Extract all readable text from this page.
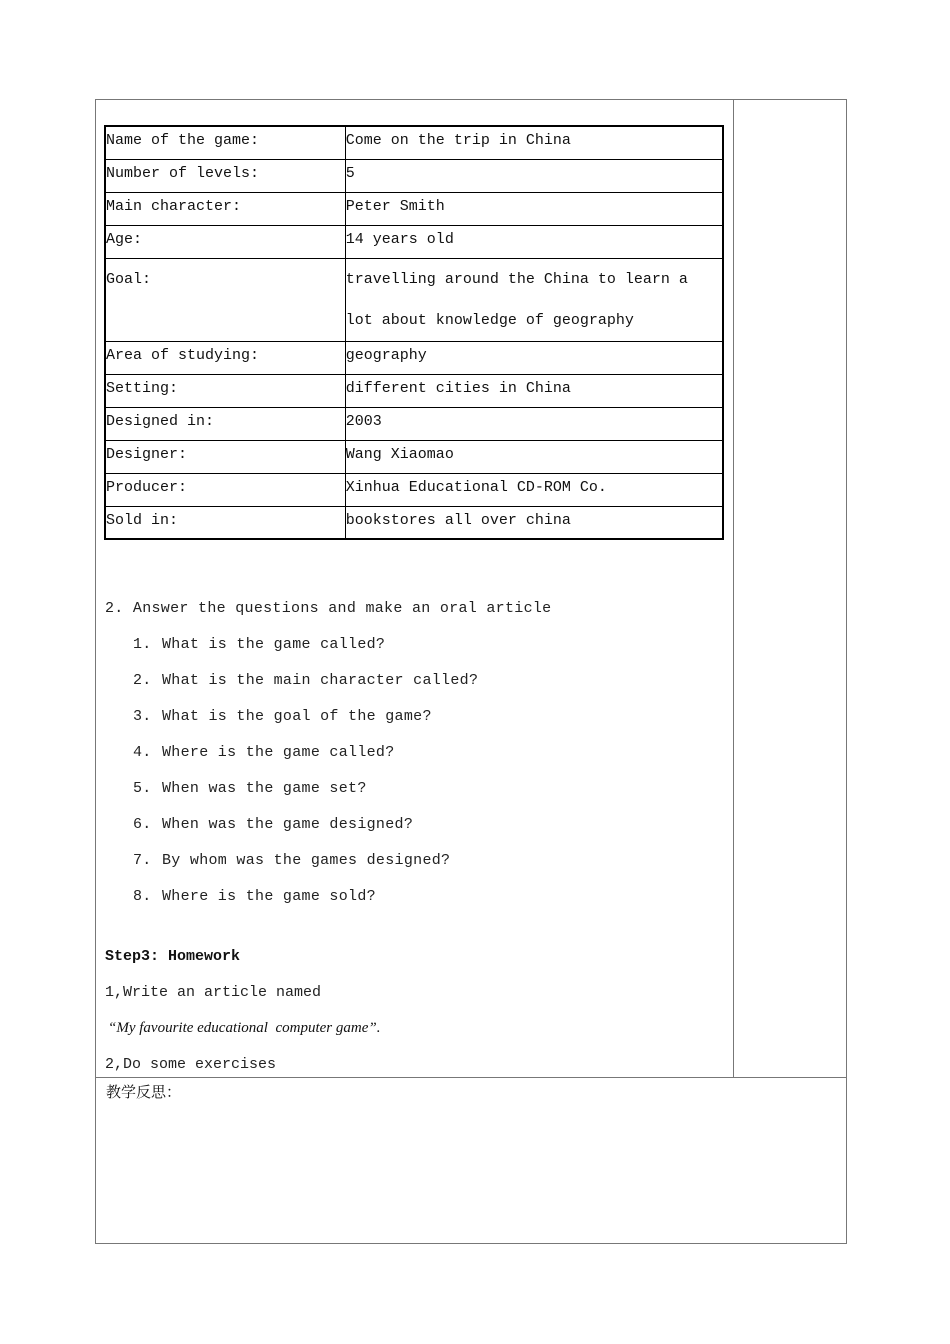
Name of the game:	Come on the trip in China
Number of levels:	5
Main character:	Peter Smith
Age:	14 years old
Goal:	travelling around the China to learn a lot about knowledge of geography
Area of studying:	geography
Setting:	different cities in China
Designed in:	2003
Designer:	Wang Xiaomao
Producer:	Xinhua Educational CD-ROM Co.
Sold in:	bookstores all over china
2. Answer the questions and make an oral article
1. What is the game called?
2. What is the main character called?
3. What is the goal of the game?
4. Where is the game called?
5. When was the game set?
6. When was the game designed?
7. By whom was the games designed?
8. Where is the game sold?
Step3: Homework
1,Write an article named
“My favourite educational  computer game”.
2,Do some exercises
教学反思：
